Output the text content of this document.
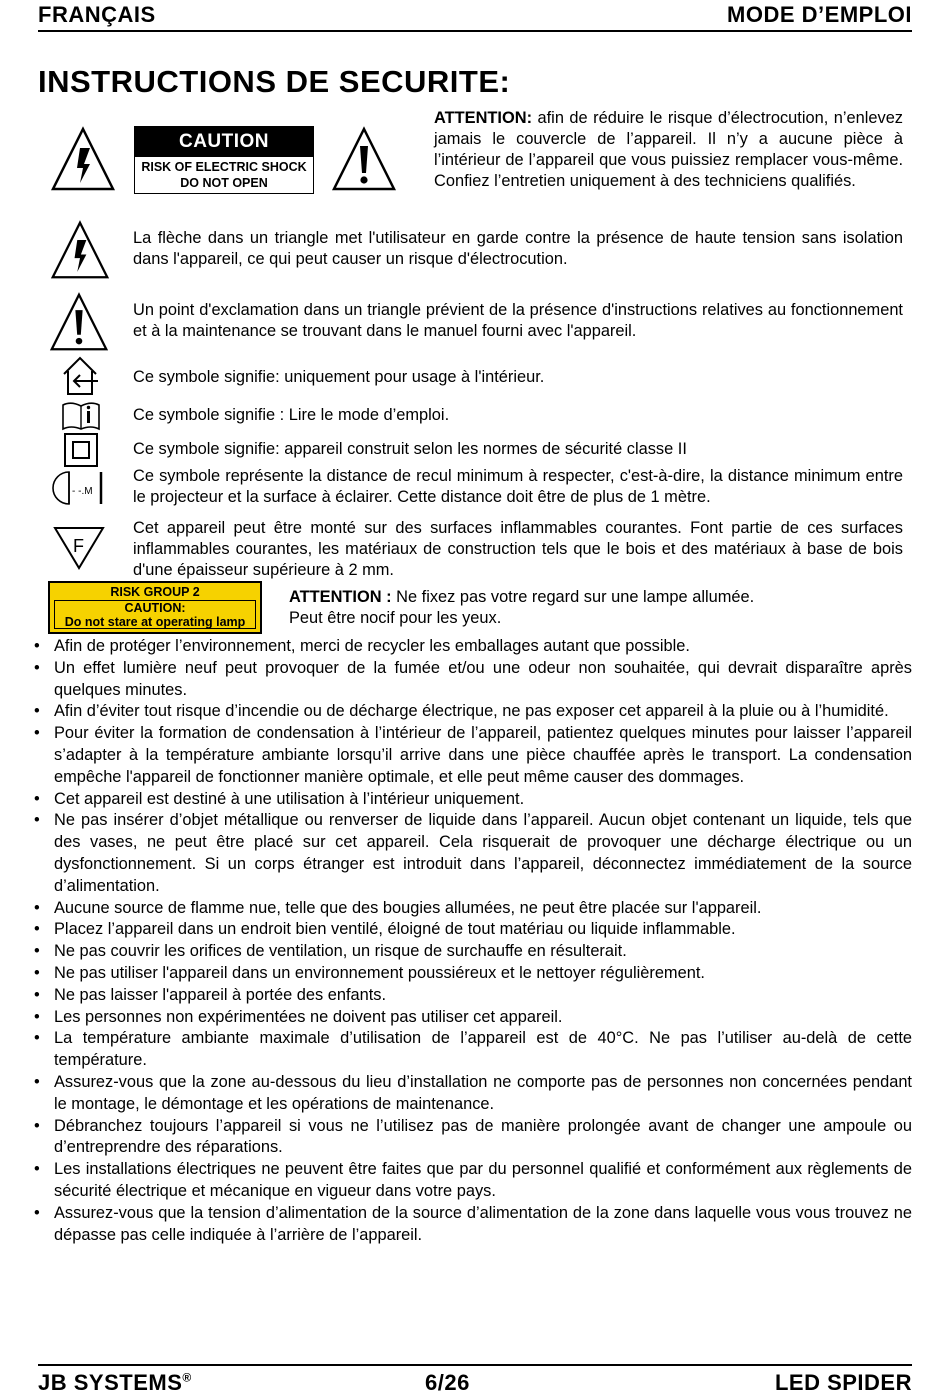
FRANÇAIS	MODE D’EMPLOI
INSTRUCTIONS DE SECURITE:
CAUTION
RISK OF ELECTRIC SHOCK
DO NOT OPEN
ATTENTION: afin de réduire le risque d’électrocution, n’enlevez jamais le couvercle de l’appareil. Il n’y a aucune pièce à l’intérieur de l’appareil que vous puissiez remplacer vous-même. Confiez l’entretien uniquement à des techniciens qualifiés.
La flèche dans un triangle met l'utilisateur en garde contre la présence de haute tension sans isolation dans l'appareil, ce qui peut causer un risque d'électrocution.
Un point d'exclamation dans un triangle prévient de la présence d'instructions relatives au fonctionnement et à la maintenance se trouvant dans le manuel fourni avec l'appareil.
Ce symbole signifie: uniquement pour usage à l'intérieur.
Ce symbole signifie : Lire le mode d’emploi.
Ce symbole signifie: appareil construit selon les normes de sécurité classe II
- -.M
Ce symbole représente la distance de recul minimum à respecter, c'est-à-dire, la distance minimum entre le projecteur et la surface à éclairer. Cette distance doit être de plus de 1 mètre.
F
Cet appareil peut être monté sur des surfaces inflammables courantes. Font partie de ces surfaces inflammables courantes, les matériaux de construction tels que le bois et des matériaux à base de bois d'une épaisseur supérieure à 2 mm.
RISK GROUP 2
CAUTION:
Do not stare at operating lamp
ATTENTION : Ne fixez pas votre regard sur une lampe allumée.
Peut être nocif pour les yeux.
• Afin de protéger l’environnement, merci de recycler les emballages autant que possible.
• Un effet lumière neuf peut provoquer de la fumée et/ou une odeur non souhaitée, qui devrait disparaître après quelques minutes.
• Afin d’éviter tout risque d’incendie ou de décharge électrique, ne pas exposer cet appareil à la pluie ou à l’humidité.
• Pour éviter la formation de condensation à l’intérieur de l’appareil, patientez quelques minutes pour laisser l’appareil s’adapter à la température ambiante lorsqu’il arrive dans une pièce chauffée après le transport. La condensation empêche l'appareil de fonctionner manière optimale, et elle peut même causer des dommages.
• Cet appareil est destiné à une utilisation à l’intérieur uniquement.
• Ne pas insérer d’objet métallique ou renverser de liquide dans l’appareil. Aucun objet contenant un liquide, tels que des vases, ne peut être placé sur cet appareil. Cela risquerait de provoquer une décharge électrique ou un dysfonctionnement. Si un corps étranger est introduit dans l’appareil, déconnectez immédiatement de la source d’alimentation.
• Aucune source de flamme nue, telle que des bougies allumées, ne peut être placée sur l'appareil.
• Placez l’appareil dans un endroit bien ventilé, éloigné de tout matériau ou liquide inflammable.
• Ne pas couvrir les orifices de ventilation, un risque de surchauffe en résulterait.
• Ne pas utiliser l'appareil dans un environnement poussiéreux et le nettoyer régulièrement.
• Ne pas laisser l'appareil à portée des enfants.
• Les personnes non expérimentées ne doivent pas utiliser cet appareil.
• La température ambiante maximale d’utilisation de l’appareil est de 40°C. Ne pas l’utiliser au-delà de cette température.
• Assurez-vous que la zone au-dessous du lieu d’installation ne comporte pas de personnes non concernées pendant le montage, le démontage et les opérations de maintenance.
• Débranchez toujours l’appareil si vous ne l’utilisez pas de manière prolongée avant de changer une ampoule ou d’entreprendre des réparations.
• Les installations électriques ne peuvent être faites que par du personnel qualifié et conformément aux règlements de sécurité électrique et mécanique en vigueur dans votre pays.
• Assurez-vous que la tension d’alimentation de la source d’alimentation de la zone dans laquelle vous vous trouvez ne dépasse pas celle indiquée à l’arrière de l’appareil.
JB SYSTEMS®	6/26	LED SPIDER
